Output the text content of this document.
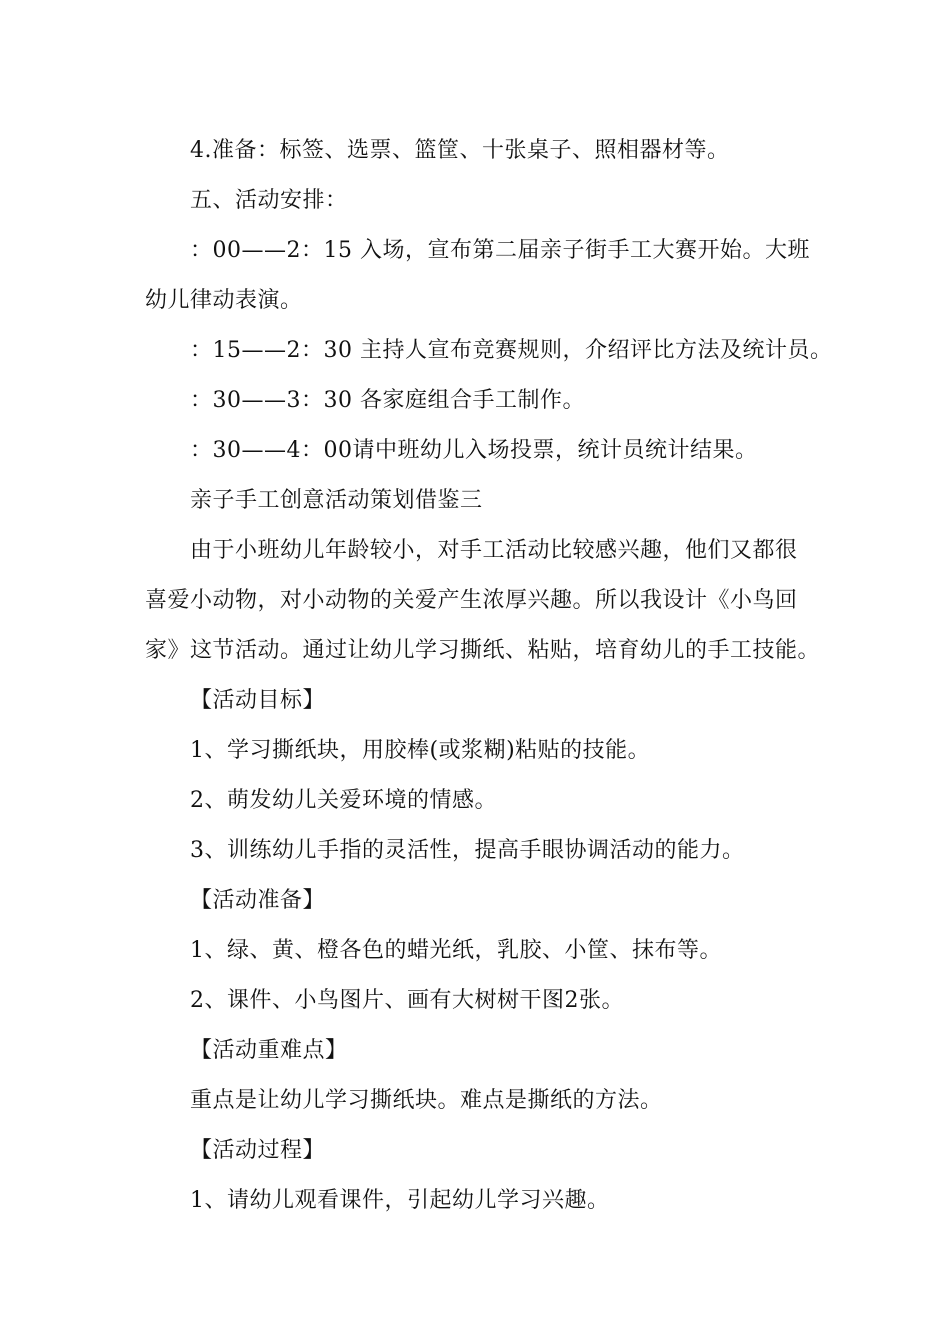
4.准备：标签、选票、篮筐、十张桌子、照相器材等。
五、活动安排：
：00——2：15 入场，宣布第二届亲子街手工大赛开始。大班
幼儿律动表演。
：15——2：30 主持人宣布竞赛规则，介绍评比方法及统计员。
：30——3：30 各家庭组合手工制作。
：30——4：00请中班幼儿入场投票，统计员统计结果。
亲子手工创意活动策划借鉴三
由于小班幼儿年龄较小，对手工活动比较感兴趣，他们又都很
喜爱小动物，对小动物的关爱产生浓厚兴趣。所以我设计《小鸟回
家》这节活动。通过让幼儿学习撕纸、粘贴，培育幼儿的手工技能。
【活动目标】
1、学习撕纸块，用胶棒(或浆糊)粘贴的技能。
2、萌发幼儿关爱环境的情感。
3、训练幼儿手指的灵活性，提高手眼协调活动的能力。
【活动准备】
1、绿、黄、橙各色的蜡光纸，乳胶、小筐、抹布等。
2、课件、小鸟图片、画有大树树干图2张。
【活动重难点】
重点是让幼儿学习撕纸块。难点是撕纸的方法。
【活动过程】
1、请幼儿观看课件，引起幼儿学习兴趣。
